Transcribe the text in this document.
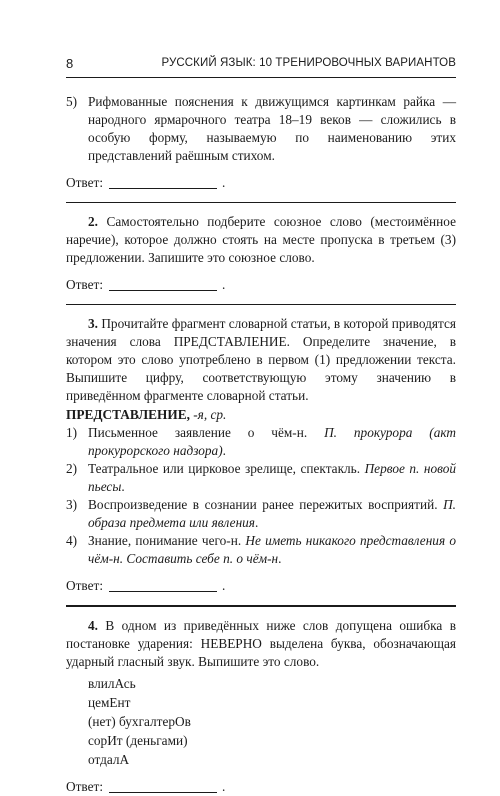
8	РУССКИЙ ЯЗЫК: 10 ТРЕНИРОВОЧНЫХ ВАРИАНТОВ
5) Рифмованные пояснения к движущимся картинкам райка — народного ярмарочного театра 18–19 веков — сложились в особую форму, называемую по наименованию этих представлений раёшным стихом.
Ответ:	.

2. Самостоятельно подберите союзное слово (местоимённое наречие), которое должно стоять на месте пропуска в третьем (3) предложении. Запишите это союзное слово.

Ответ:	.

3. Прочитайте фрагмент словарной статьи, в которой приводятся значения слова ПРЕДСТАВЛЕНИЕ. Определите значение, в котором это слово употреблено в первом (1) предложении текста. Выпишите цифру, соответствующую этому значению в приведённом фрагменте словарной статьи.

ПРЕДСТАВЛЕНИЕ, -я, ср.
1) Письменное заявление о чём-н. П. прокурора (акт прокурорского надзора).
2) Театральное или цирковое зрелище, спектакль. Первое п. новой пьесы.
3) Воспроизведение в сознании ранее пережитых восприятий. П. образа предмета или явления.
4) Знание, понимание чего-н. Не иметь никакого представления о чём-н. Составить себе п. о чём-н.
Ответ:	.

4. В одном из приведённых ниже слов допущена ошибка в постановке ударения: НЕВЕРНО выделена буква, обозначающая ударный гласный звук. Выпишите это слово.

влилАсь
цемЕнт
(нет) бухгалтерОв
сорИт (деньгами)
отдалА
Ответ:	.
